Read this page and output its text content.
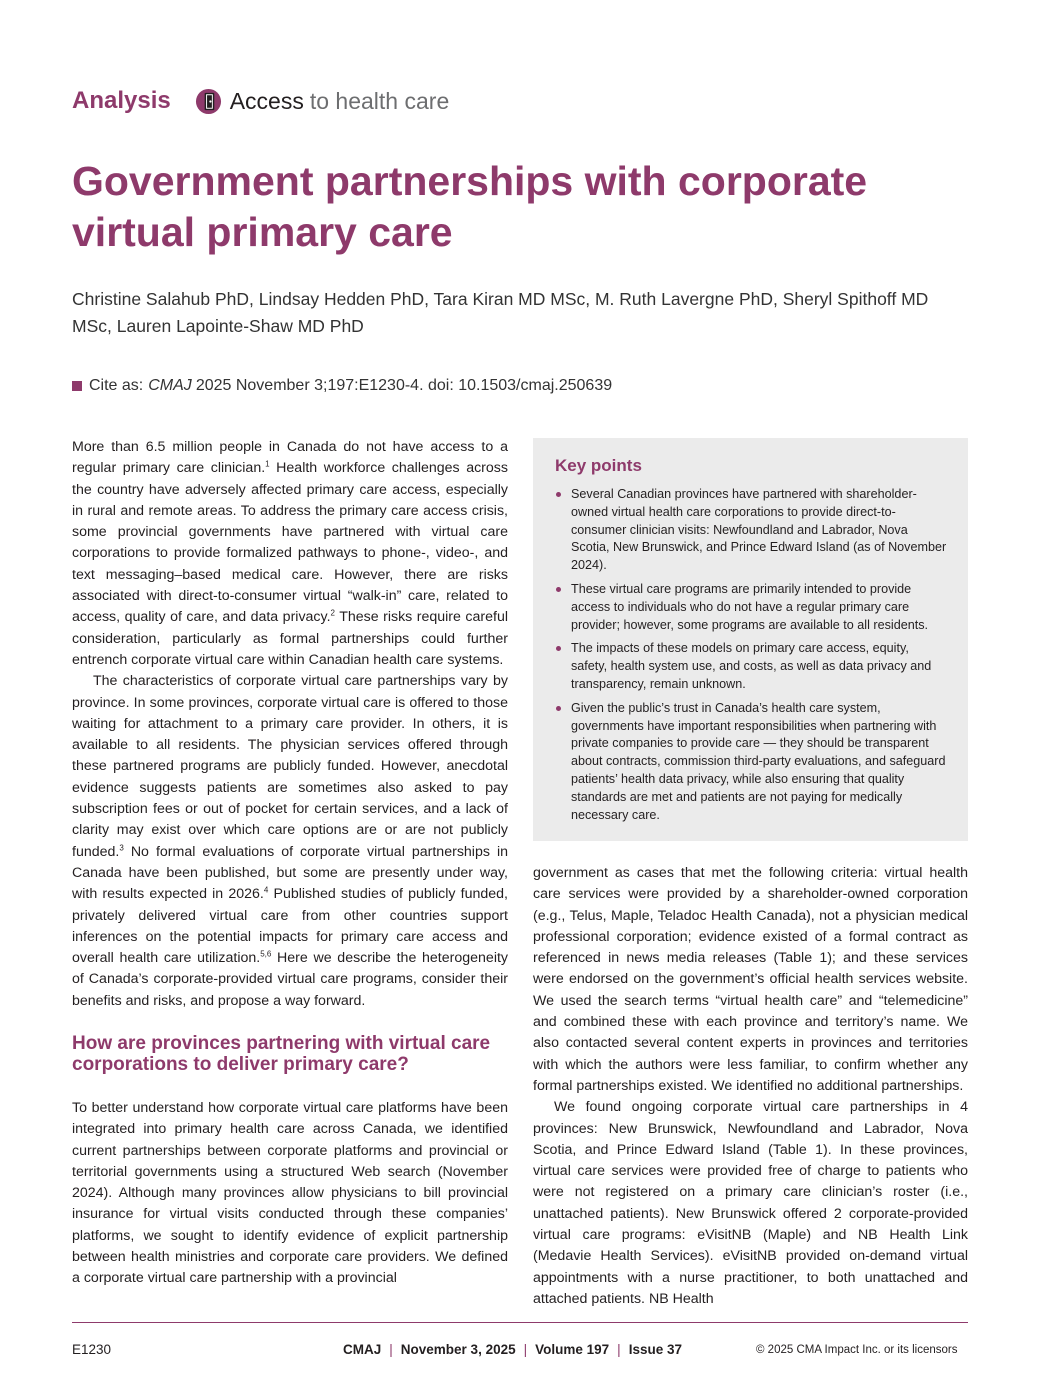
Analysis	Access to health care
Government partnerships with corporate virtual primary care
Christine Salahub PhD, Lindsay Hedden PhD, Tara Kiran MD MSc, M. Ruth Lavergne PhD, Sheryl Spithoff MD MSc, Lauren Lapointe-Shaw MD PhD
Cite as: CMAJ 2025 November 3;197:E1230-4. doi: 10.1503/cmaj.250639

More than 6.5 million people in Canada do not have access to a regular primary care clinician.$^1$ Health workforce challenges across the country have adversely affected primary care access, especially in rural and remote areas. To address the primary care access crisis, some provincial governments have partnered with virtual care corporations to provide formalized pathways to phone-, video-, and text messaging–based medical care. However, there are risks associated with direct-to-consumer virtual “walk-in” care, related to access, quality of care, and data privacy.$^2$ These risks require careful consideration, particularly as formal partnerships could further entrench corporate virtual care within Canadian health care systems.

The characteristics of corporate virtual care partnerships vary by province. In some provinces, corporate virtual care is offered to those waiting for attachment to a primary care provider. In others, it is available to all residents. The physician services offered through these partnered programs are publicly funded. However, anecdotal evidence suggests patients are sometimes also asked to pay subscription fees or out of pocket for certain services, and a lack of clarity may exist over which care options are or are not publicly funded.$^3$ No formal evaluations of corporate virtual partnerships in Canada have been published, but some are presently under way, with results expected in 2026.$^4$ Published studies of publicly funded, privately delivered virtual care from other countries support inferences on the potential impacts for primary care access and overall health care utilization.$^{5,6}$ Here we describe the heterogeneity of Canada’s corporate-provided virtual care programs, consider their benefits and risks, and propose a way forward.

How are provinces partnering with virtual care corporations to deliver primary care?

To better understand how corporate virtual care platforms have been integrated into primary health care across Canada, we identified current partnerships between corporate platforms and provincial or territorial governments using a structured Web search (November 2024). Although many provinces allow physicians to bill provincial insurance for virtual visits conducted through these companies’ platforms, we sought to identify evidence of explicit partnership between health ministries and corporate care providers. We defined a corporate virtual care partnership with a provincial

Key points
Several Canadian provinces have partnered with shareholder-owned virtual health care corporations to provide direct-to-consumer clinician visits: Newfoundland and Labrador, Nova Scotia, New Brunswick, and Prince Edward Island (as of November 2024).
These virtual care programs are primarily intended to provide access to individuals who do not have a regular primary care provider; however, some programs are available to all residents.
The impacts of these models on primary care access, equity, safety, health system use, and costs, as well as data privacy and transparency, remain unknown.
Given the public’s trust in Canada’s health care system, governments have important responsibilities when partnering with private companies to provide care — they should be transparent about contracts, commission third-party evaluations, and safeguard patients’ health data privacy, while also ensuring that quality standards are met and patients are not paying for medically necessary care.

government as cases that met the following criteria: virtual health care services were provided by a shareholder-owned corporation (e.g., Telus, Maple, Teladoc Health Canada), not a physician medical professional corporation; evidence existed of a formal contract as referenced in news media releases (Table 1); and these services were endorsed on the government’s official health services website. We used the search terms “virtual health care” and “telemedicine” and combined these with each province and territory’s name. We also contacted several content experts in provinces and territories with which the authors were less familiar, to confirm whether any formal partnerships existed. We identified no additional partnerships.

We found ongoing corporate virtual care partnerships in 4 provinces: New Brunswick, Newfoundland and Labrador, Nova Scotia, and Prince Edward Island (Table 1). In these provinces, virtual care services were provided free of charge to patients who were not registered on a primary care clinician’s roster (i.e., unattached patients). New Brunswick offered 2 corporate-provided virtual care programs: eVisitNB (Maple) and NB Health Link (Medavie Health Services). eVisitNB provided on-demand virtual appointments with a nurse practitioner, to both unattached and attached patients. NB Health

E1230	CMAJ | November 3, 2025 | Volume 197 | Issue 37	© 2025 CMA Impact Inc. or its licensors
